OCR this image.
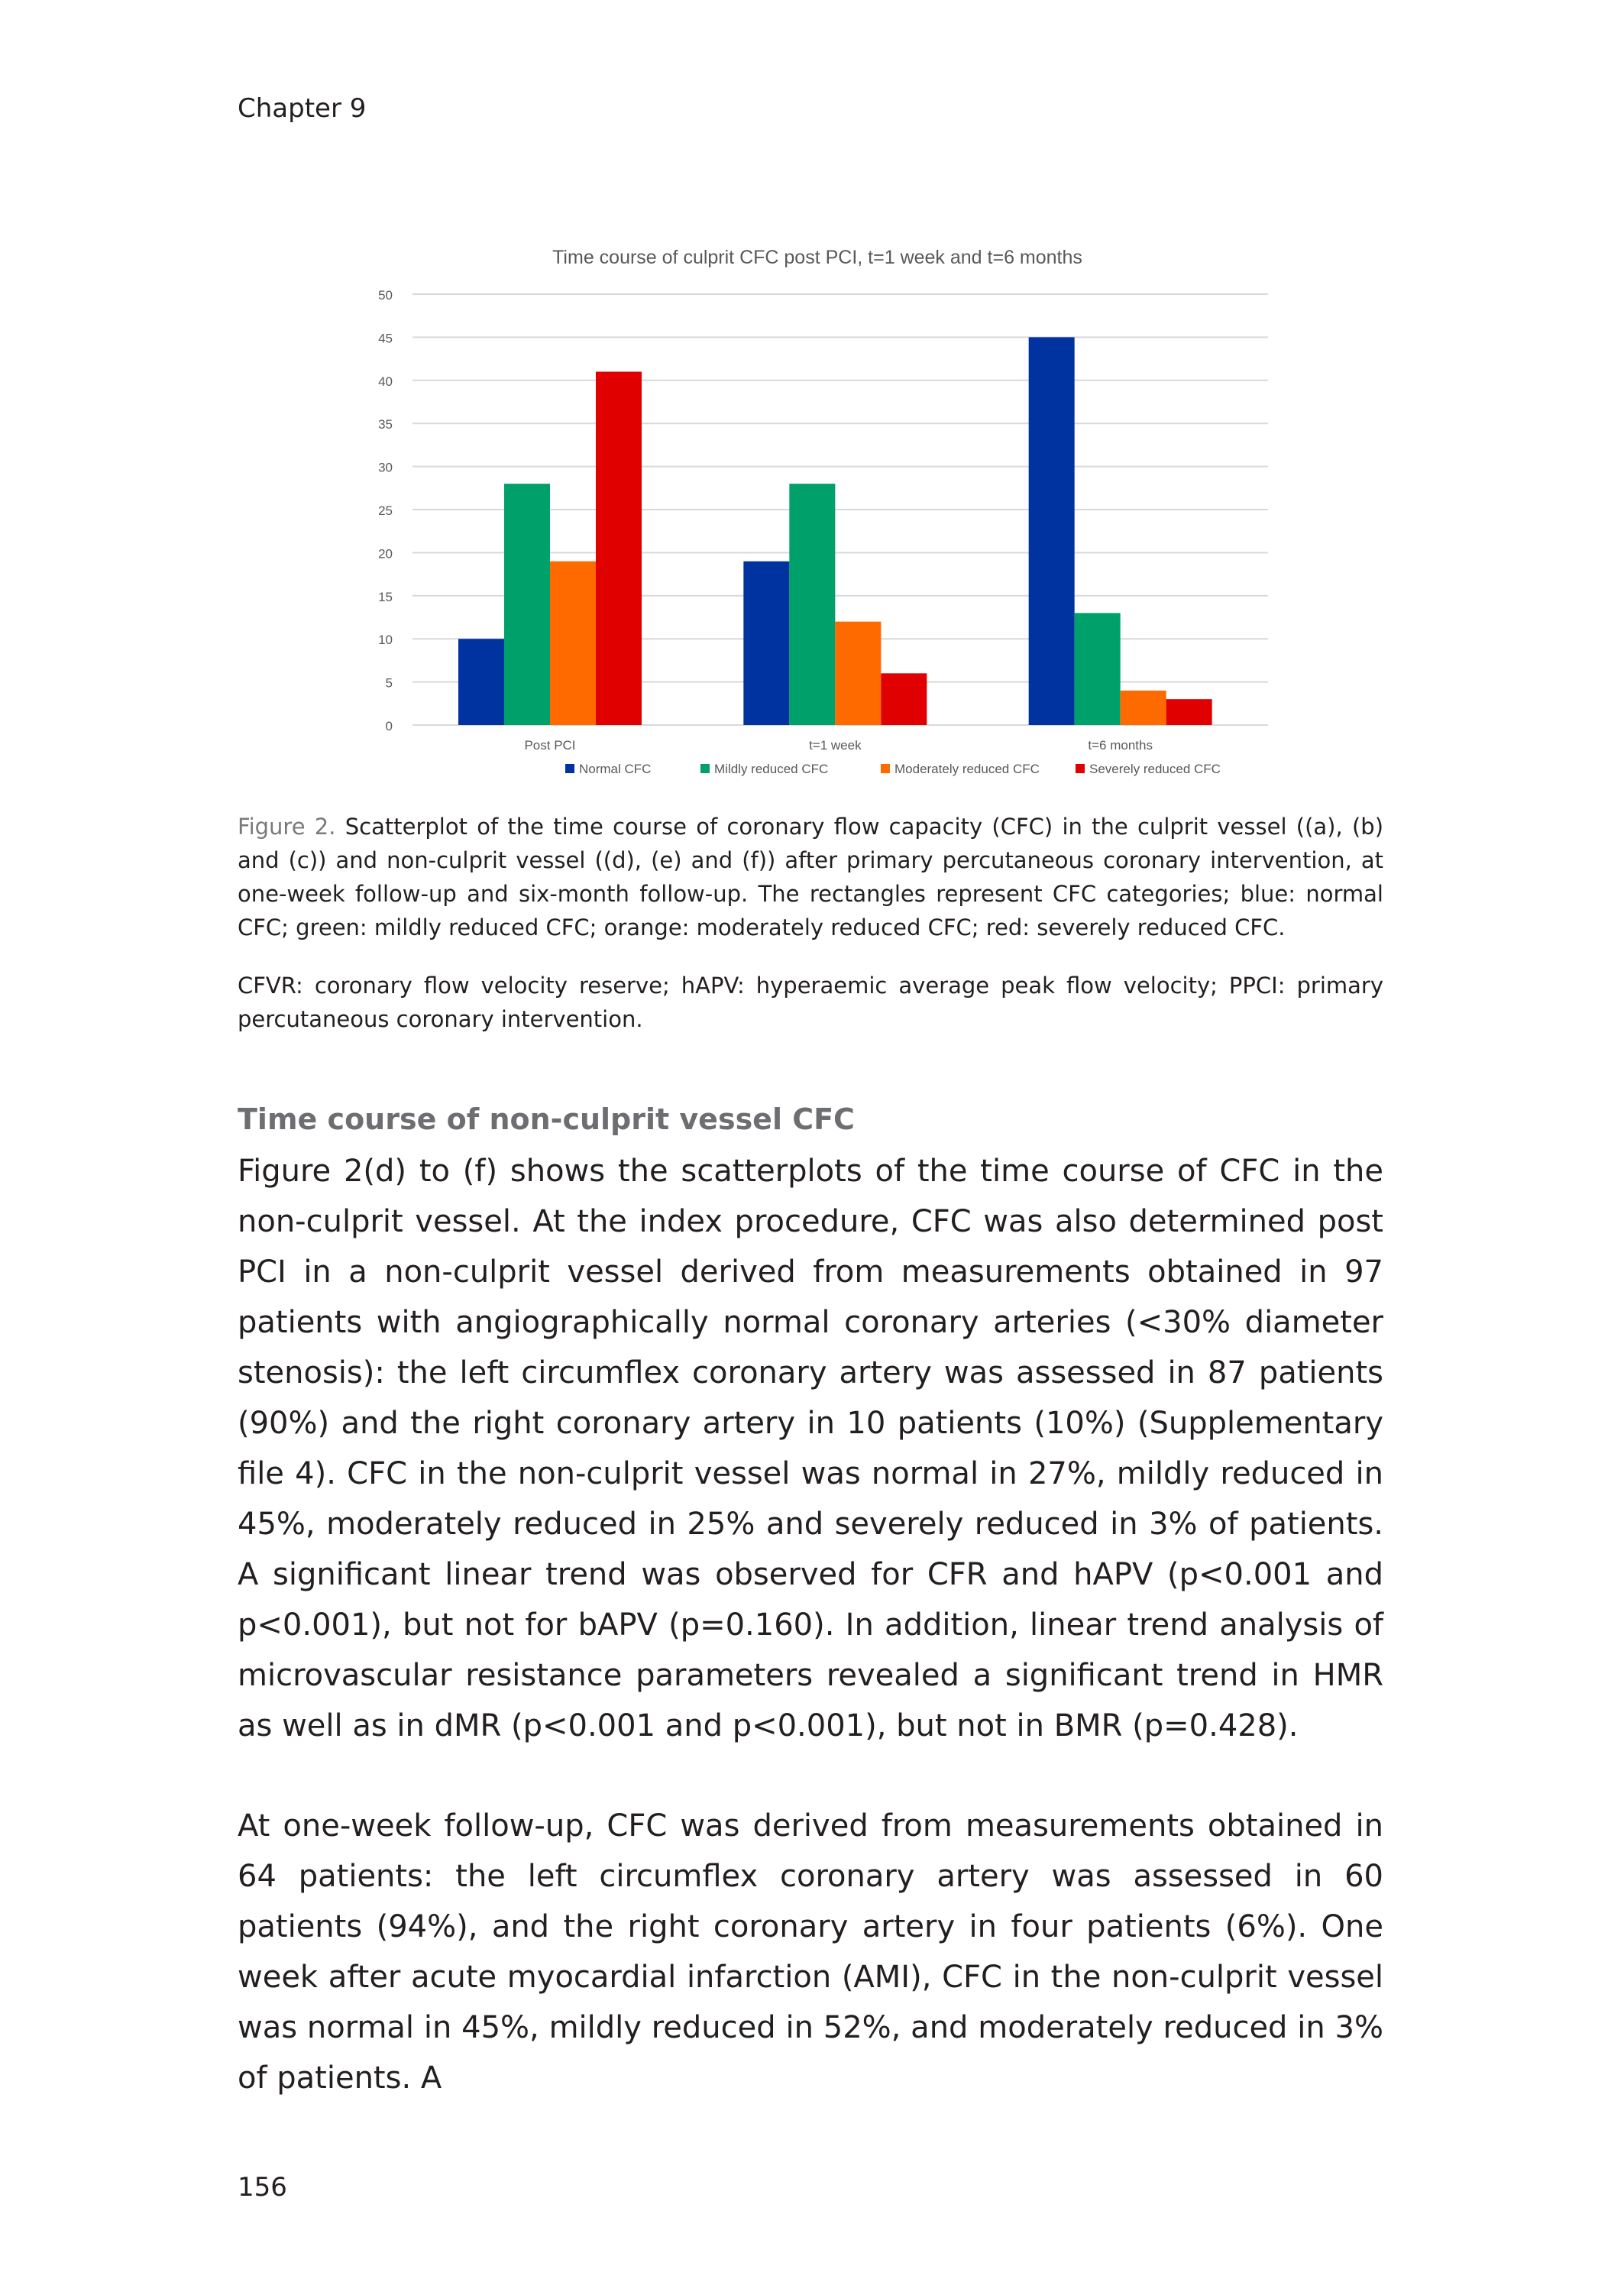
Chapter 9
Time course of culprit CFC post PCI, t=1 week and t=6 months
0
5
10
15
20
25
30
35
40
45
50
Post PCI	t=1 week	t=6 months
Normal CFC	Mildly reduced CFC	Moderately reduced CFC	Severely reduced CFC

Figure 2. Scatterplot of the time course of coronary flow capacity (CFC) in the culprit vessel ((a), (b) and (c)) and non-culprit vessel ((d), (e) and (f)) after primary percutaneous coronary intervention, at one-week follow-up and six-month follow-up. The rectangles represent CFC categories; blue: normal CFC; green: mildly reduced CFC; orange: moderately reduced CFC; red: severely reduced CFC.

CFVR: coronary flow velocity reserve; hAPV: hyperaemic average peak flow velocity; PPCI: primary percutaneous coronary intervention.

Time course of non-culprit vessel CFC

Figure 2(d) to (f) shows the scatterplots of the time course of CFC in the non-culprit vessel. At the index procedure, CFC was also determined post PCI in a non-culprit vessel derived from measurements obtained in 97 patients with angiographically normal coronary arteries (<30% diameter stenosis): the left circumflex coronary artery was assessed in 87 patients (90%) and the right coronary artery in 10 patients (10%) (Supplementary file 4). CFC in the non-culprit vessel was normal in 27%, mildly reduced in 45%, moderately reduced in 25% and severely reduced in 3% of patients. A significant linear trend was observed for CFR and hAPV (p<0.001 and p<0.001), but not for bAPV (p=0.160). In addition, linear trend analysis of microvascular resistance parameters revealed a significant trend in HMR as well as in dMR (p<0.001 and p<0.001), but not in BMR (p=0.428).

At one-week follow-up, CFC was derived from measurements obtained in 64 patients: the left circumflex coronary artery was assessed in 60 patients (94%), and the right coronary artery in four patients (6%). One week after acute myocardial infarction (AMI), CFC in the non-culprit vessel was normal in 45%, mildly reduced in 52%, and moderately reduced in 3% of patients. A

156
